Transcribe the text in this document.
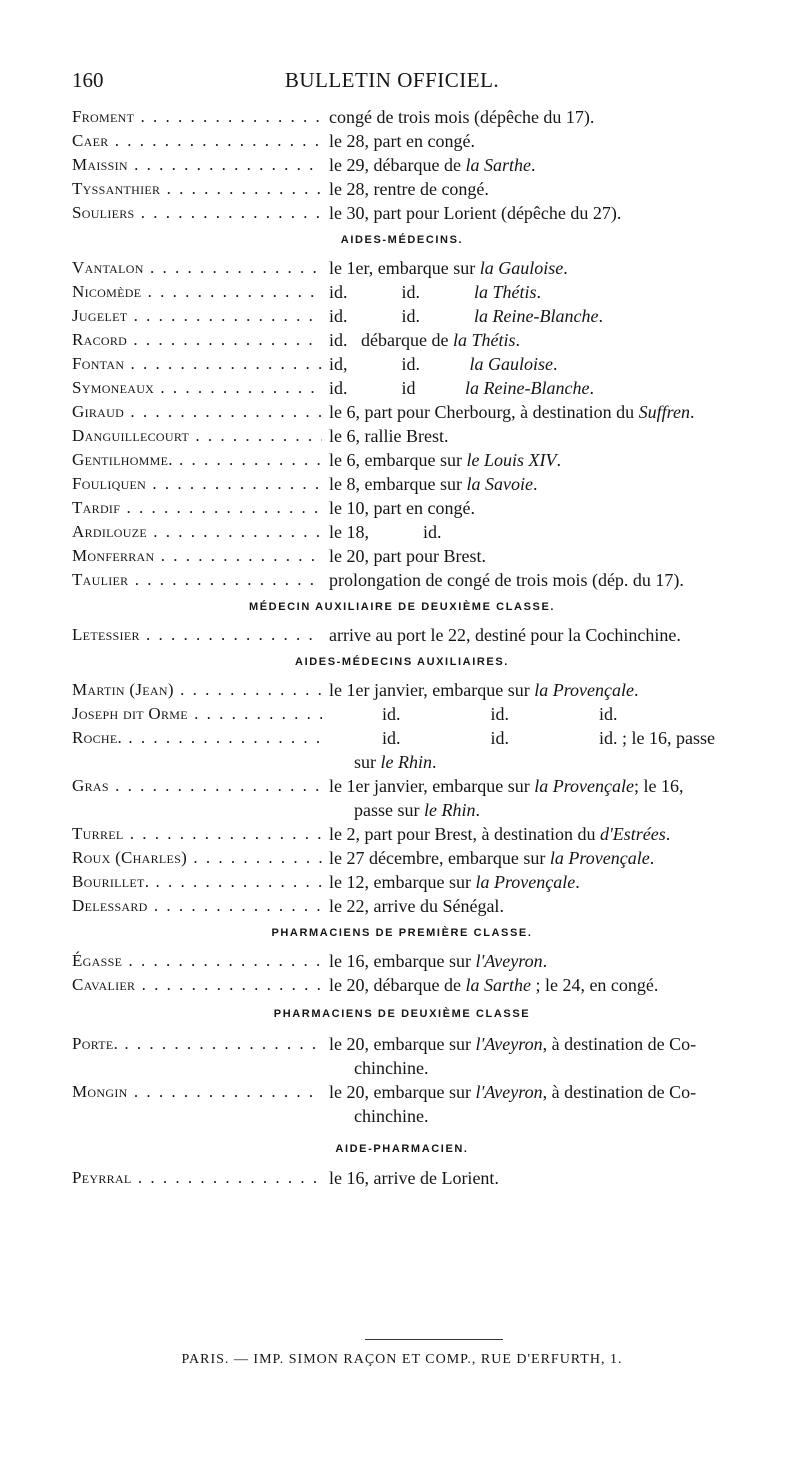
160	BULLETIN OFFICIEL.
Froment . . .	congé de trois mois (dépêche du 17).
Caer . . .	le 28, part en congé.
Maissin . . .	le 29, débarque de la Sarthe.
Tyssanthier . . .	le 28, rentre de congé.
Souliers . . .	le 30, part pour Lorient (dépêche du 27).
AIDES-MÉDECINS.
Vantalon . . .	le 1er, embarque sur la Gauloise.
Nicomède . . .	id.            id.            la Thétis.
Jugelet . . .	id.            id.            la Reine-Blanche.
Racord . . .	id.   débarque de la Thétis.
Fontan . . .	id,            id.           la Gauloise.
Symoneaux . . .	id.            id           la Reine-Blanche.
Giraud . . .	le 6, part pour Cherbourg, à destination du Suffren.
Danguillecourt . . .	le 6, rallie Brest.
Gentilhomme. . . .	le 6, embarque sur le Louis XIV.
Fouliquen . . .	le 8, embarque sur la Savoie.
Tardif . . .	le 10, part en congé.
Ardilouze . . .	le 18,            id.
Monferran . . .	le 20, part pour Brest.
Taulier . . .	prolongation de congé de trois mois (dép. du 17).
MÉDECIN AUXILIAIRE DE DEUXIÈME CLASSE.
Letessier . . .	arrive au port le 22, destiné pour la Cochinchine.
AIDES-MÉDECINS AUXILIAIRES.
Martin (Jean) . . .	le 1er janvier, embarque sur la Provençale.
Joseph dit Orme . . .	id.                    id.                    id.
Roche. . . .	id.                    id.                    id. ; le 16, passe
sur le Rhin.
Gras . . .	le 1er janvier, embarque sur la Provençale; le 16,
passe sur le Rhin.
Turrel . . .	le 2, part pour Brest, à destination du d'Estrées.
Roux (Charles) . . .	le 27 décembre, embarque sur la Provençale.
Bourillet. . . .	le 12, embarque sur la Provençale.
Delessard . . .	le 22, arrive du Sénégal.
PHARMACIENS DE PREMIÈRE CLASSE.
Égasse . . .	le 16, embarque sur l'Aveyron.
Cavalier . . .	le 20, débarque de la Sarthe ; le 24, en congé.
PHARMACIENS DE DEUXIÈME CLASSE
Porte. . . .	le 20, embarque sur l'Aveyron, à destination de Co-
chinchine.
Mongin . . .	le 20, embarque sur l'Aveyron, à destination de Co-
chinchine.
AIDE-PHARMACIEN.
Peyrral . . .	le 16, arrive de Lorient.
PARIS. — IMP. SIMON RAÇON ET COMP., RUE D'ERFURTH, 1.
